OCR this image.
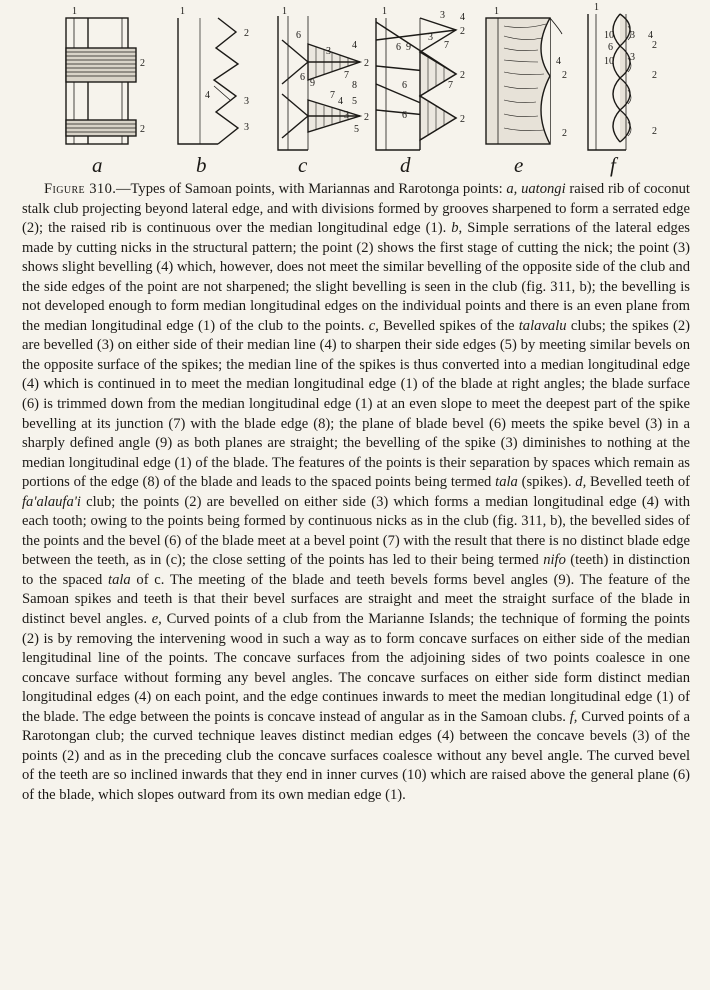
a	b	c	d	e	f
1
2
2
1
2
4
3
3
1
6
3
4
2
7
8
6
9
7
4 5
3 2
5
1	3 4
6 9
3
7
2
7
6
2
6	2
1
4
2
2
1
10 3 4
6	2
10 3
2
2

Figure 310.—Types of Samoan points, with Mariannas and Rarotonga points: a, uatongi raised rib of coconut stalk club projecting beyond lateral edge, and with divisions formed by grooves sharpened to form a serrated edge (2); the raised rib is continuous over the median longitudinal edge (1). b, Simple serrations of the lateral edges made by cutting nicks in the structural pattern; the point (2) shows the first stage of cutting the nick; the point (3) shows slight bevelling (4) which, however, does not meet the similar bevelling of the opposite side of the club and the side edges of the point are not sharpened; the slight bevelling is seen in the club (fig. 311, b); the bevelling is not developed enough to form median longitudinal edges on the individual points and there is an even plane from the median longitudinal edge (1) of the club to the points. c, Bevelled spikes of the talavalu clubs; the spikes (2) are bevelled (3) on either side of their median line (4) to sharpen their side edges (5) by meeting similar bevels on the opposite surface of the spikes; the median line of the spikes is thus converted into a median longitudinal edge (4) which is continued in to meet the median longitudinal edge (1) of the blade at right angles; the blade surface (6) is trimmed down from the median longitudinal edge (1) at an even slope to meet the deepest part of the spike bevelling at its junction (7) with the blade edge (8); the plane of blade bevel (6) meets the spike bevel (3) in a sharply defined angle (9) as both planes are straight; the bevelling of the spike (3) diminishes to nothing at the median longitudinal edge (1) of the blade. The features of the points is their separation by spaces which remain as portions of the edge (8) of the blade and leads to the spaced points being termed tala (spikes). d, Bevelled teeth of fa'alaufa'i club; the points (2) are bevelled on either side (3) which forms a median longitudinal edge (4) with each tooth; owing to the points being formed by continuous nicks as in the club (fig. 311, b), the bevelled sides of the points and the bevel (6) of the blade meet at a bevel point (7) with the result that there is no distinct blade edge between the teeth, as in (c); the close setting of the points has led to their being termed nifo (teeth) in distinction to the spaced tala of c. The meeting of the blade and teeth bevels forms bevel angles (9). The feature of the Samoan spikes and teeth is that their bevel surfaces are straight and meet the straight surface of the blade in distinct bevel angles. e, Curved points of a club from the Marianne Islands; the technique of forming the points (2) is by removing the intervening wood in such a way as to form concave surfaces on either side of the median lengitudinal line of the points. The concave surfaces from the adjoining sides of two points coalesce in one concave surface without forming any bevel angles. The concave surfaces on either side form distinct median longitudinal edges (4) on each point, and the edge continues inwards to meet the median longitudinal edge (1) of the blade. The edge between the points is concave instead of angular as in the Samoan clubs. f, Curved points of a Rarotongan club; the curved technique leaves distinct median edges (4) between the concave bevels (3) of the points (2) and as in the preceding club the concave surfaces coalesce without any bevel angle. The curved bevel of the teeth are so inclined inwards that they end in inner curves (10) which are raised above the general plane (6) of the blade, which slopes outward from its own median edge (1).
